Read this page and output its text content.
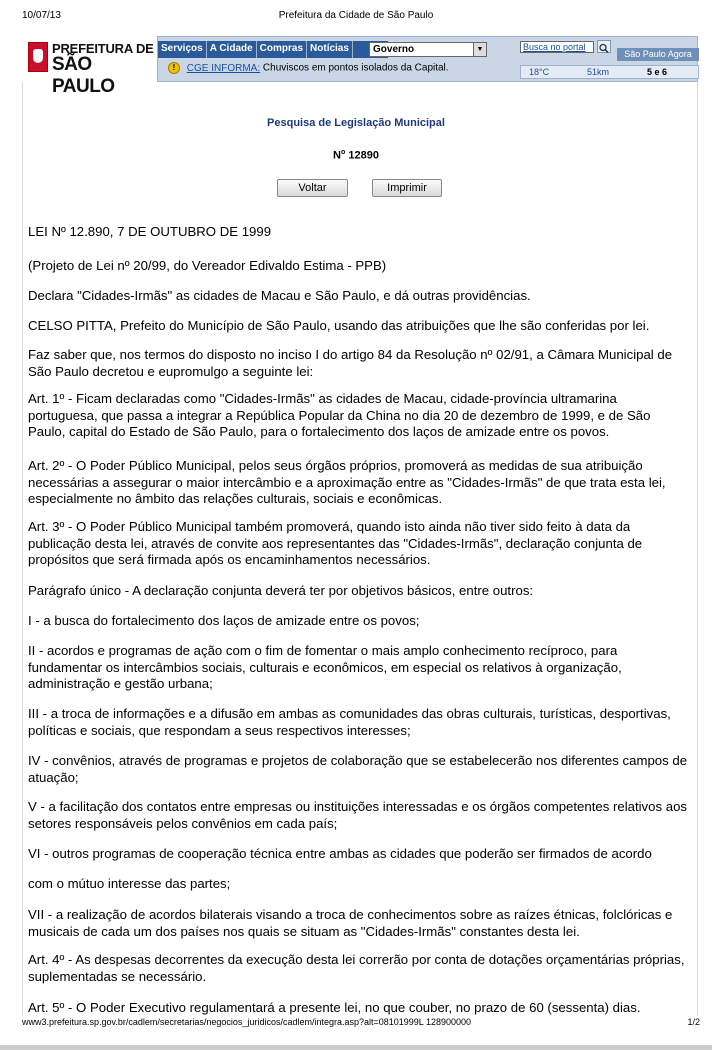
10/07/13	Prefeitura da Cidade de São Paulo
PREFEITURA DE
SÃO PAULO
Serviços A Cidade Compras Notícias	Governo	▼
! CGE INFORMA: Chuviscos em pontos isolados da Capital.
Busca no portal
São Paulo Agora
18°C	51km	5 e 6
Pesquisa de Legislação Municipal
$N^o$ 12890
Voltar	Imprimir

LEI Nº 12.890, 7 DE OUTUBRO DE 1999

(Projeto de Lei nº 20/99, do Vereador Edivaldo Estima - PPB)

Declara "Cidades-Irmãs" as cidades de Macau e São Paulo, e dá outras providências.

CELSO PITTA, Prefeito do Município de São Paulo, usando das atribuições que lhe são conferidas por lei.

Faz saber que, nos termos do disposto no inciso I do artigo 84 da Resolução nº 02/91, a Câmara Municipal de São Paulo decretou e eupromulgo a seguinte lei:

Art. 1º - Ficam declaradas como "Cidades-Irmãs" as cidades de Macau, cidade-província ultramarina portuguesa, que passa a integrar a República Popular da China no dia 20 de dezembro de 1999, e de São Paulo, capital do Estado de São Paulo, para o fortalecimento dos laços de amizade entre os povos.

Art. 2º - O Poder Público Municipal, pelos seus órgãos próprios, promoverá as medidas de sua atribuição necessárias a assegurar o maior intercâmbio e a aproximação entre as "Cidades-Irmãs" de que trata esta lei, especialmente no âmbito das relações culturais, sociais e econômicas.

Art. 3º - O Poder Público Municipal também promoverá, quando isto ainda não tiver sido feito à data da publicação desta lei, através de convite aos representantes das "Cidades-Irmãs", declaração conjunta de propósitos que será firmada após os encaminhamentos necessários.

Parágrafo único - A declaração conjunta deverá ter por objetivos básicos, entre outros:

I - a busca do fortalecimento dos laços de amizade entre os povos;

II - acordos e programas de ação com o fim de fomentar o mais amplo conhecimento recíproco, para fundamentar os intercâmbios sociais, culturais e econômicos, em especial os relativos à organização, administração e gestão urbana;

III - a troca de informações e a difusão em ambas as comunidades das obras culturais, turísticas, desportivas, políticas e sociais, que respondam a seus respectivos interesses;

IV - convênios, através de programas e projetos de colaboração que se estabelecerão nos diferentes campos de atuação;

V - a facilitação dos contatos entre empresas ou instituições interessadas e os órgãos competentes relativos aos setores responsáveis pelos convênios em cada país;

VI - outros programas de cooperação técnica entre ambas as cidades que poderão ser firmados de acordo

com o mútuo interesse das partes;

VII - a realização de acordos bilaterais visando a troca de conhecimentos sobre as raízes étnicas, folclóricas e musicais de cada um dos países nos quais se situam as "Cidades-Irmãs" constantes desta lei.

Art. 4º - As despesas decorrentes da execução desta lei correrão por conta de dotações orçamentárias próprias, suplementadas se necessário.

Art. 5º - O Poder Executivo regulamentará a presente lei, no que couber, no prazo de 60 (sessenta) dias.

www3.prefeitura.sp.gov.br/cadlem/secretarias/negocios_juridicos/cadlem/integra.asp?alt=08101999L 128900000	1/2
